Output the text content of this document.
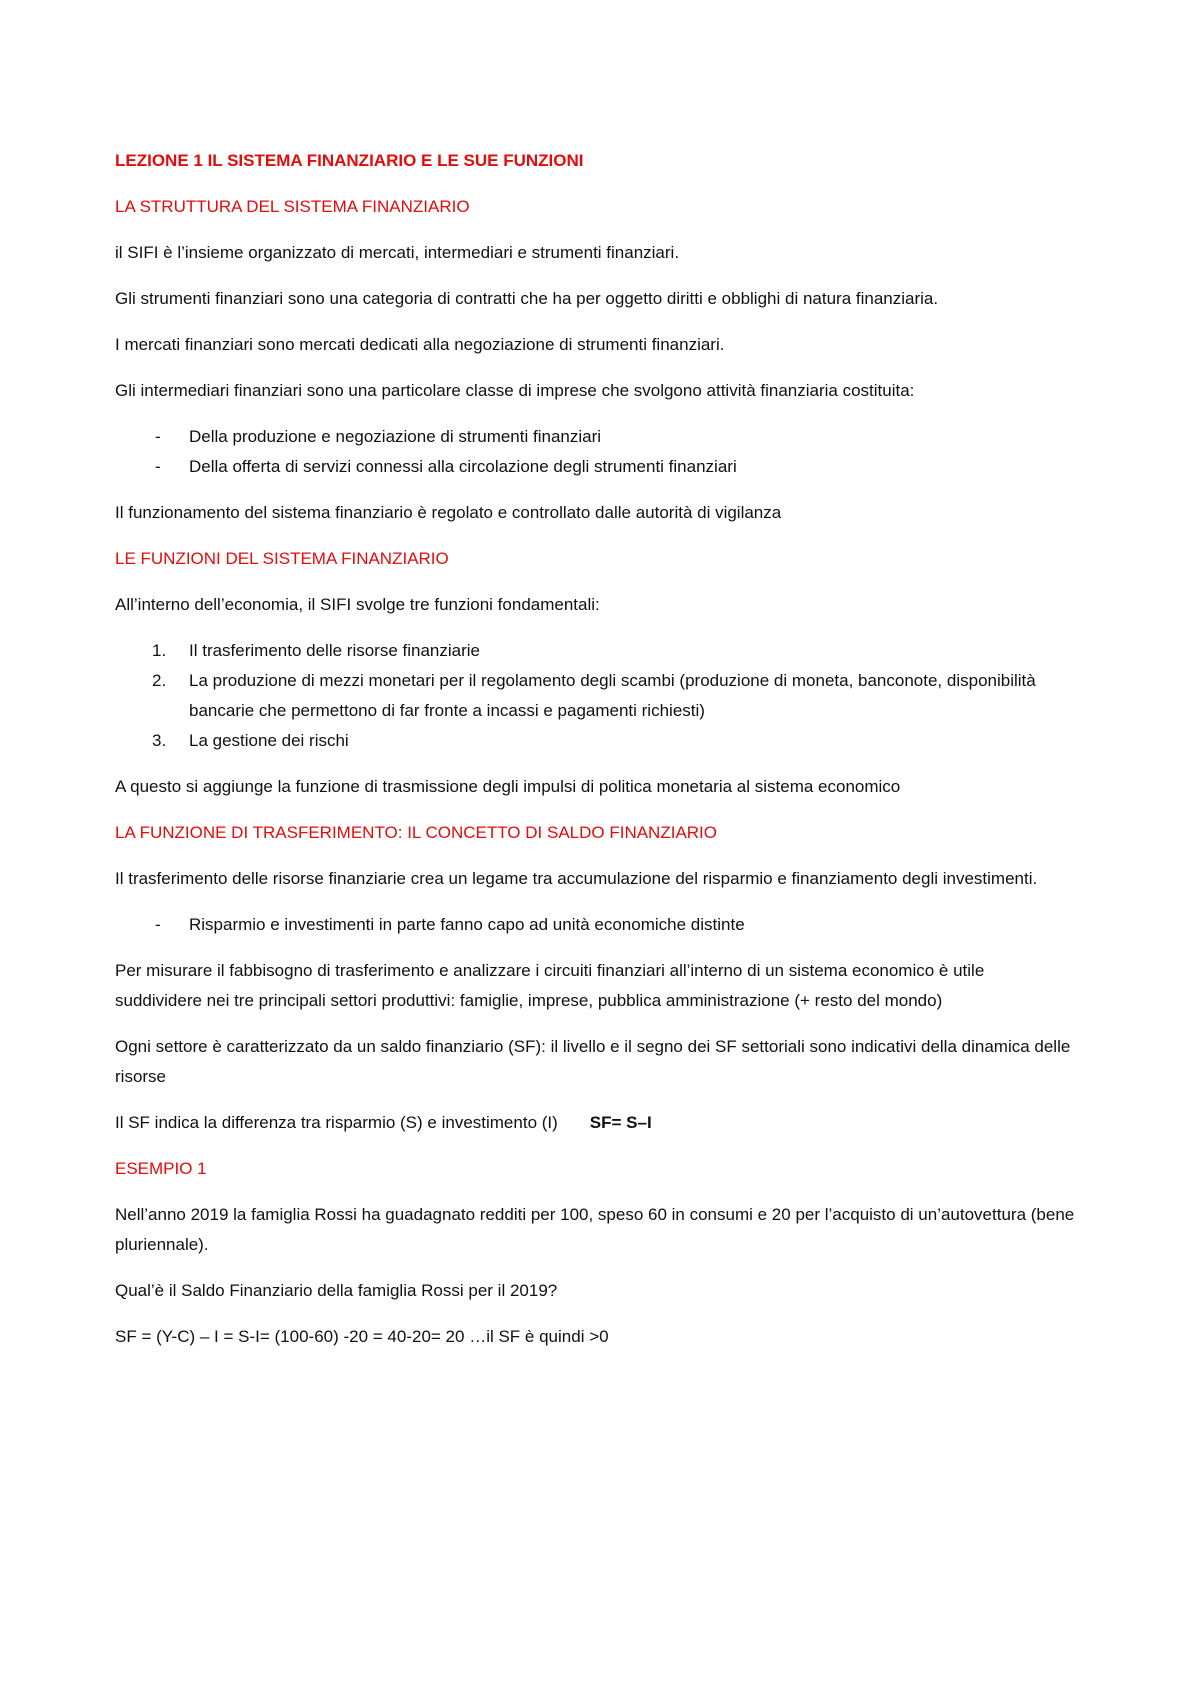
LEZIONE 1 IL SISTEMA FINANZIARIO E LE SUE FUNZIONI
LA STRUTTURA DEL SISTEMA FINANZIARIO

il SIFI è l’insieme organizzato di mercati, intermediari e strumenti finanziari.

Gli strumenti finanziari sono una categoria di contratti che ha per oggetto diritti e obblighi di natura finanziaria.

I mercati finanziari sono mercati dedicati alla negoziazione di strumenti finanziari.

Gli intermediari finanziari sono una particolare classe di imprese che svolgono attività finanziaria costituita:

- Della produzione e negoziazione di strumenti finanziari
- Della offerta di servizi connessi alla circolazione degli strumenti finanziari

Il funzionamento del sistema finanziario è regolato e controllato dalle autorità di vigilanza

LE FUNZIONI DEL SISTEMA FINANZIARIO

All’interno dell’economia, il SIFI svolge tre funzioni fondamentali:

1. Il trasferimento delle risorse finanziarie
2. La produzione di mezzi monetari per il regolamento degli scambi (produzione di moneta, banconote, disponibilità bancarie che permettono di far fronte a incassi e pagamenti richiesti)
3. La gestione dei rischi

A questo si aggiunge la funzione di trasmissione degli impulsi di politica monetaria al sistema economico

LA FUNZIONE DI TRASFERIMENTO: IL CONCETTO DI SALDO FINANZIARIO

Il trasferimento delle risorse finanziarie crea un legame tra accumulazione del risparmio e finanziamento degli investimenti.

- Risparmio e investimenti in parte fanno capo ad unità economiche distinte

Per misurare il fabbisogno di trasferimento e analizzare i circuiti finanziari all’interno di un sistema economico è utile suddividere nei tre principali settori produttivi: famiglie, imprese, pubblica amministrazione (+ resto del mondo)

Ogni settore è caratterizzato da un saldo finanziario (SF): il livello e il segno dei SF settoriali sono indicativi della dinamica delle risorse

Il SF indica la differenza tra risparmio (S) e investimento (I) SF= S–I

ESEMPIO 1

Nell’anno 2019 la famiglia Rossi ha guadagnato redditi per 100, speso 60 in consumi e 20 per l’acquisto di un’autovettura (bene pluriennale).

Qual’è il Saldo Finanziario della famiglia Rossi per il 2019?

SF = (Y-C) – I = S-I= (100-60) -20 = 40-20= 20 …il SF è quindi >0
